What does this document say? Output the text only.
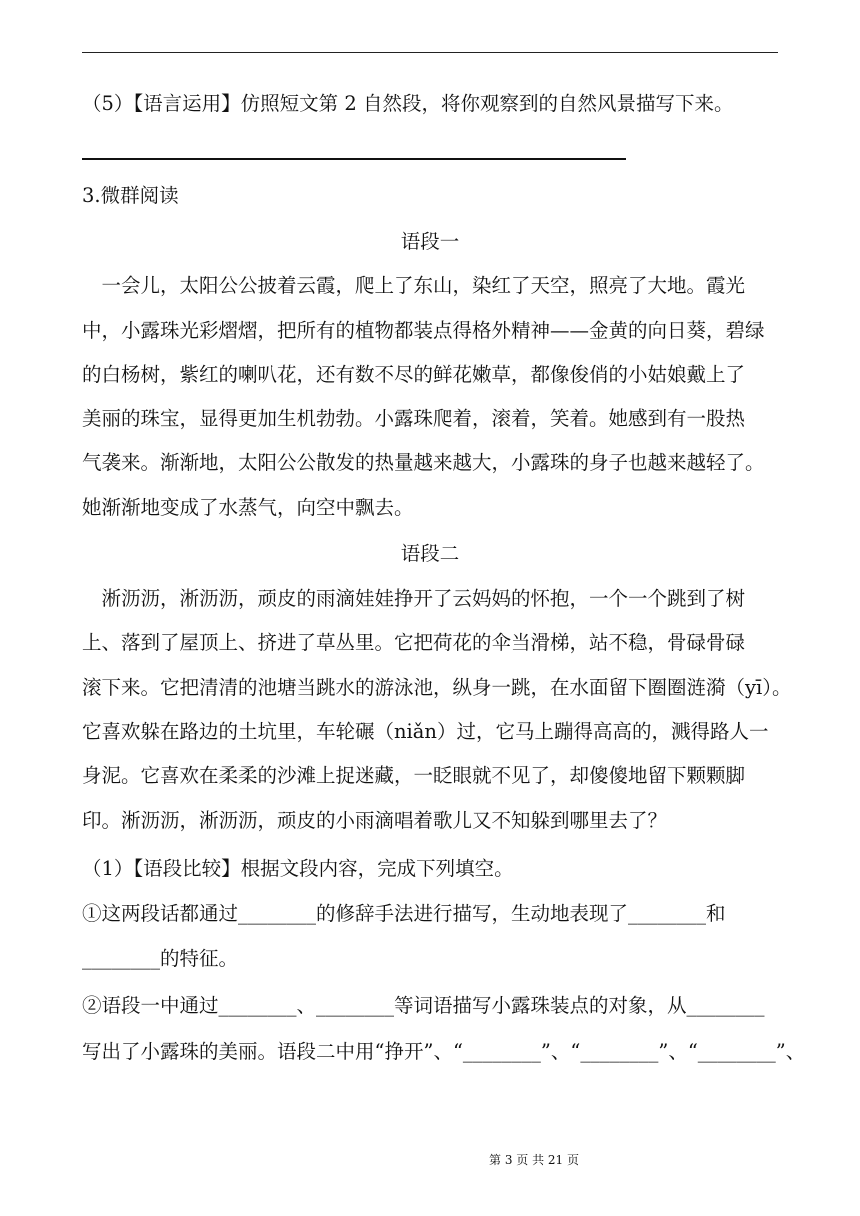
（5）【语言运用】仿照短文第 2 自然段，将你观察到的自然风景描写下来。
3.微群阅读
语段一
　一会儿，太阳公公披着云霞，爬上了东山，染红了天空，照亮了大地。霞光
中，小露珠光彩熠熠，把所有的植物都装点得格外精神——金黄的向日葵，碧绿
的白杨树，紫红的喇叭花，还有数不尽的鲜花嫩草，都像俊俏的小姑娘戴上了
美丽的珠宝，显得更加生机勃勃。小露珠爬着，滚着，笑着。她感到有一股热
气袭来。渐渐地，太阳公公散发的热量越来越大，小露珠的身子也越来越轻了。
她渐渐地变成了水蒸气，向空中飘去。
语段二
　淅沥沥，淅沥沥，顽皮的雨滴娃娃挣开了云妈妈的怀抱，一个一个跳到了树
上、落到了屋顶上、挤进了草丛里。它把荷花的伞当滑梯，站不稳，骨碌骨碌
滚下来。它把清清的池塘当跳水的游泳池，纵身一跳，在水面留下圈圈涟漪（yī）。
它喜欢躲在路边的土坑里，车轮碾（niǎn）过，它马上蹦得高高的，溅得路人一
身泥。它喜欢在柔柔的沙滩上捉迷藏，一眨眼就不见了，却傻傻地留下颗颗脚
印。淅沥沥，淅沥沥，顽皮的小雨滴唱着歌儿又不知躲到哪里去了？
（1）【语段比较】根据文段内容，完成下列填空。
①这两段话都通过________的修辞手法进行描写，生动地表现了________和
________的特征。
②语段一中通过________、________等词语描写小露珠装点的对象，从________
写出了小露珠的美丽。语段二中用“挣开”、“________”、“________”、“________”、
第 3 页 共 21 页
